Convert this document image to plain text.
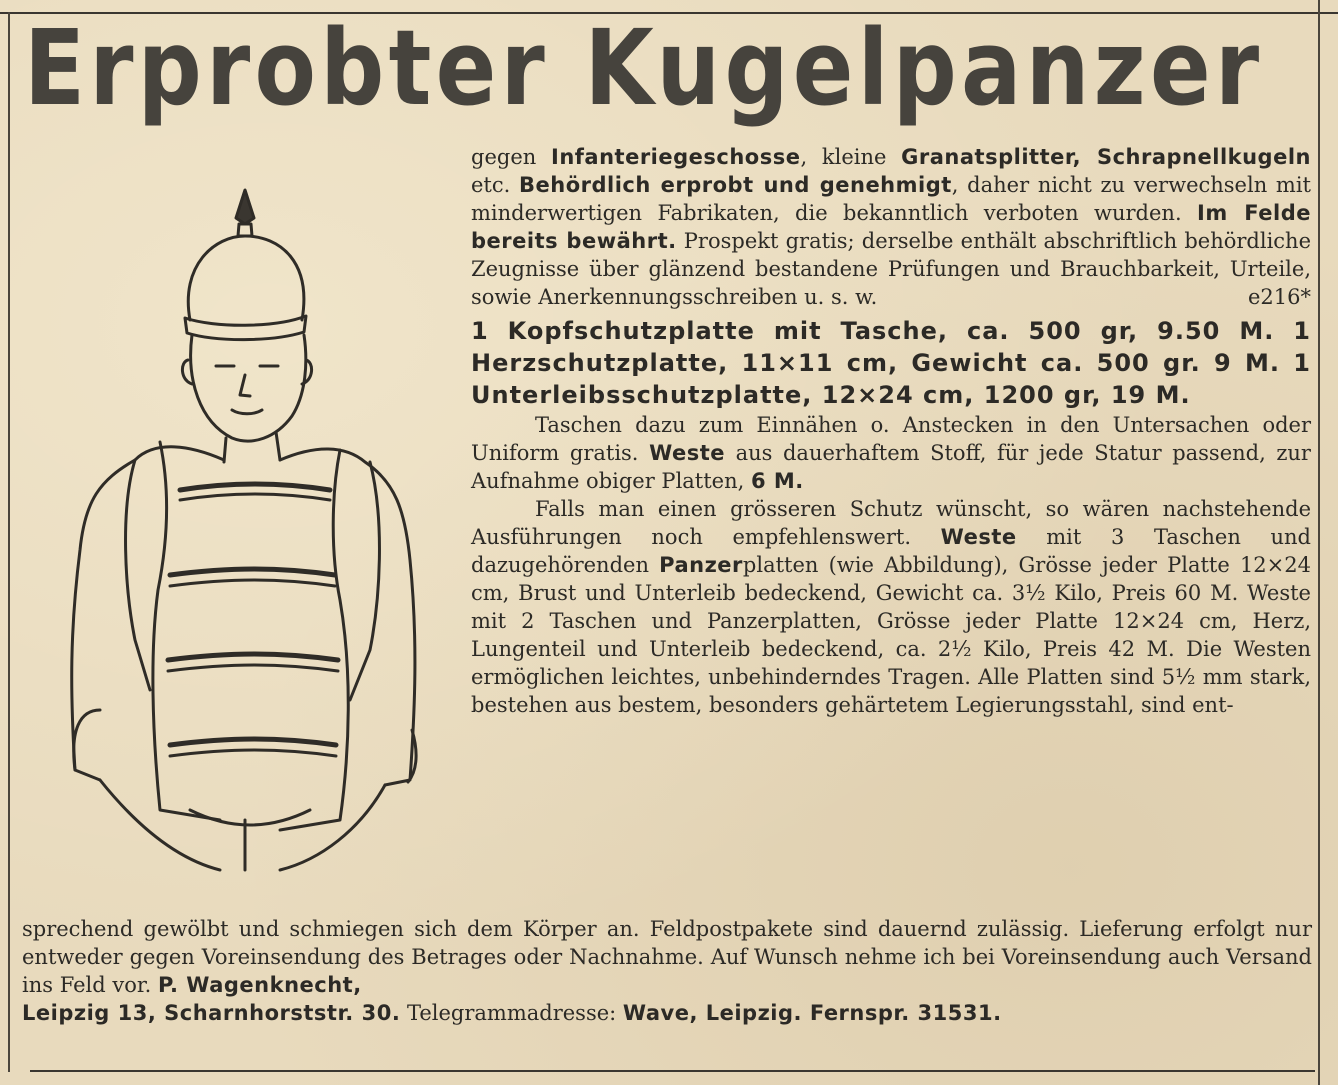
Erprobter Kugelpanzer

gegen Infanteriegeschosse, kleine Granatsplitter, Schrapnellkugeln etc. Behördlich erprobt und genehmigt, daher nicht zu verwechseln mit minderwertigen Fabrikaten, die bekanntlich verboten wurden. Im Felde bereits bewährt. Prospekt gratis; derselbe enthält abschriftlich behördliche Zeugnisse über glänzend bestandene Prüfungen und Brauchbarkeit, Urteile, sowie Anerkennungsschreiben u. s. w.	e216*

1 Kopfschutzplatte mit Tasche, ca. 500 gr, 9.50 M. 1 Herzschutzplatte, 11×11 cm, Gewicht ca. 500 gr. 9 M. 1 Unterleibsschutzplatte, 12×24 cm, 1200 gr, 19 M.

Taschen dazu zum Einnähen o. Anstecken in den Untersachen oder Uniform gratis. Weste aus dauerhaftem Stoff, für jede Statur passend, zur Aufnahme obiger Platten, 6 M.

Falls man einen grösseren Schutz wünscht, so wären nachstehende Ausführungen noch empfehlenswert. Weste mit 3 Taschen und dazugehörenden Panzerplatten (wie Abbildung), Grösse jeder Platte 12×24 cm, Brust und Unterleib bedeckend, Gewicht ca. 3½ Kilo, Preis 60 M. Weste mit 2 Taschen und Panzerplatten, Grösse jeder Platte 12×24 cm, Herz, Lungenteil und Unterleib bedeckend, ca. 2½ Kilo, Preis 42 M. Die Westen ermöglichen leichtes, unbehinderndes Tragen. Alle Platten sind 5½ mm stark, bestehen aus bestem, besonders gehärtetem Legierungsstahl, sind ent-

sprechend gewölbt und schmiegen sich dem Körper an. Feldpostpakete sind dauernd zulässig. Lieferung erfolgt nur entweder gegen Voreinsendung des Betrages oder Nachnahme. Auf Wunsch nehme ich bei Voreinsendung auch Versand ins Feld vor. P. Wagenknecht,

Leipzig 13, Scharnhorststr. 30. Telegrammadresse: Wave, Leipzig. Fernspr. 31531.
